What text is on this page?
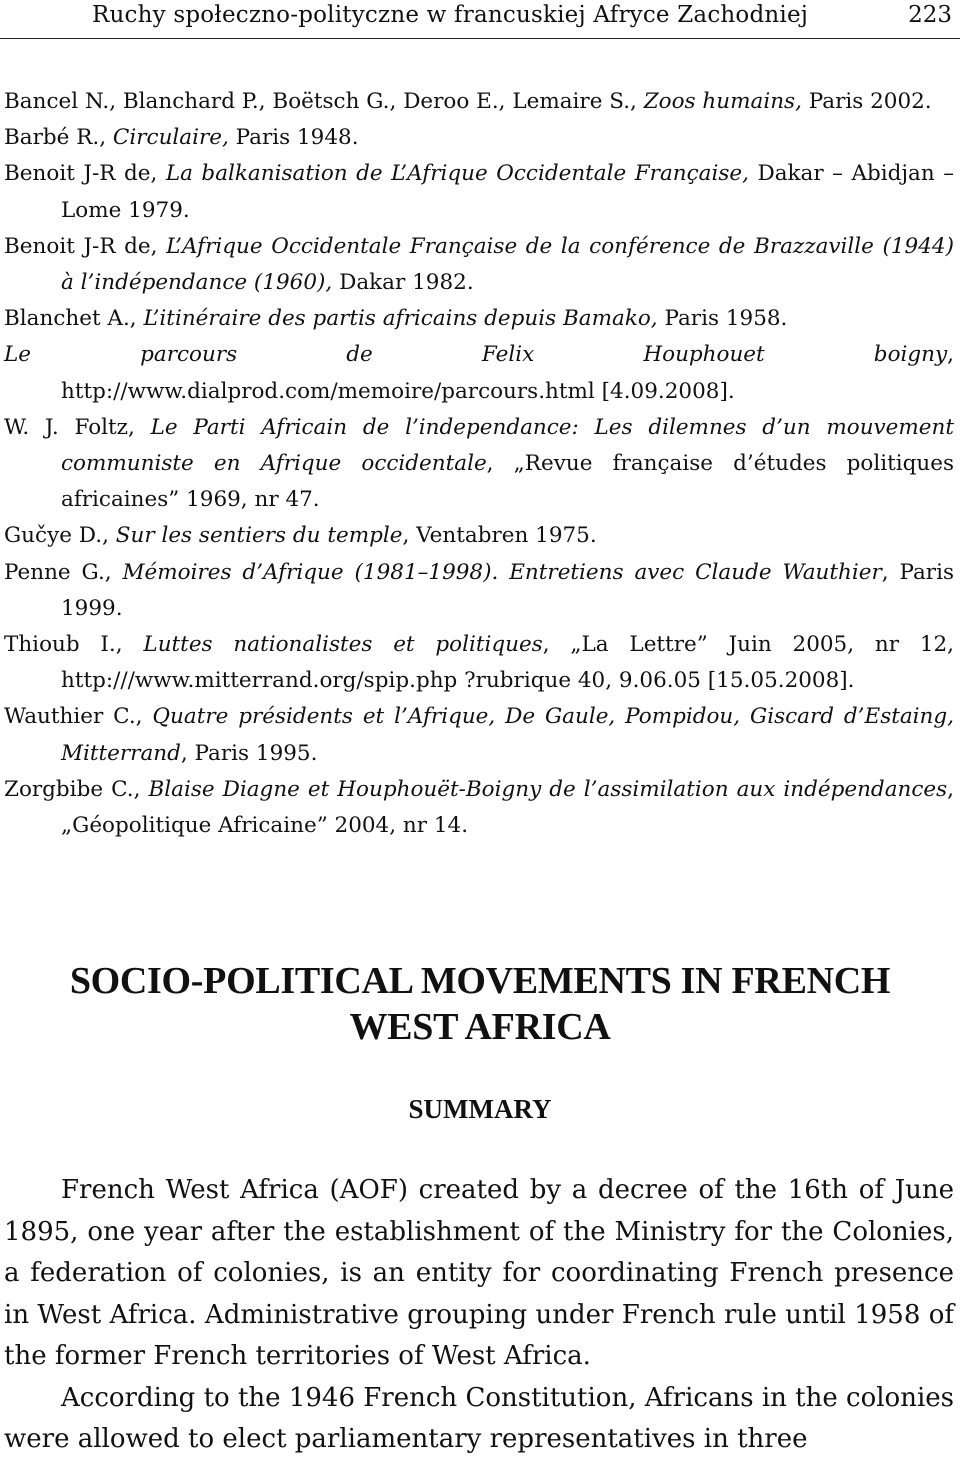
Ruchy społeczno-polityczne w francuskiej Afryce Zachodniej	223
Bancel N., Blanchard P., Boëtsch G., Deroo E., Lemaire S., Zoos humains, Paris 2002.
Barbé R., Circulaire, Paris 1948.
Benoit J-R de, La balkanisation de L’Afrique Occidentale Française, Dakar – Abidjan – Lome 1979.
Benoit J-R de, L’Afrique Occidentale Française de la conférence de Brazzaville (1944) à l’indépendance (1960), Dakar 1982.
Blanchet A., L’itinéraire des partis africains depuis Bamako, Paris 1958.
Le parcours de Felix Houphouet boigny, http://www.dialprod.com/memoire/parcours.html [4.09.2008].
W. J. Foltz, Le Parti Africain de l’independance: Les dilemnes d’un mouvement communiste en Afrique occidentale, „Revue française d’études politiques africaines” 1969, nr 47.
Gučye D., Sur les sentiers du temple, Ventabren 1975.
Penne G., Mémoires d’Afrique (1981–1998). Entretiens avec Claude Wauthier, Paris 1999.
Thioub I., Luttes nationalistes et politiques, „La Lettre” Juin 2005, nr 12, http:///www.mitterrand.org/spip.php ?rubrique 40, 9.06.05 [15.05.2008].
Wauthier C., Quatre présidents et l’Afrique, De Gaule, Pompidou, Giscard d’Estaing, Mitterrand, Paris 1995.
Zorgbibe C., Blaise Diagne et Houphouët-Boigny de l’assimilation aux indépendances, „Géopolitique Africaine” 2004, nr 14.
SOCIO-POLITICAL MOVEMENTS IN FRENCH
WEST AFRICA
SUMMARY

French West Africa (AOF) created by a decree of the 16th of June 1895, one year after the establishment of the Ministry for the Colonies, a federation of colonies, is an entity for coordinating French presence in West Africa. Administrative grouping under French rule until 1958 of the former French territories of West Africa.

According to the 1946 French Constitution, Africans in the colonies were allowed to elect parliamentary representatives in three
